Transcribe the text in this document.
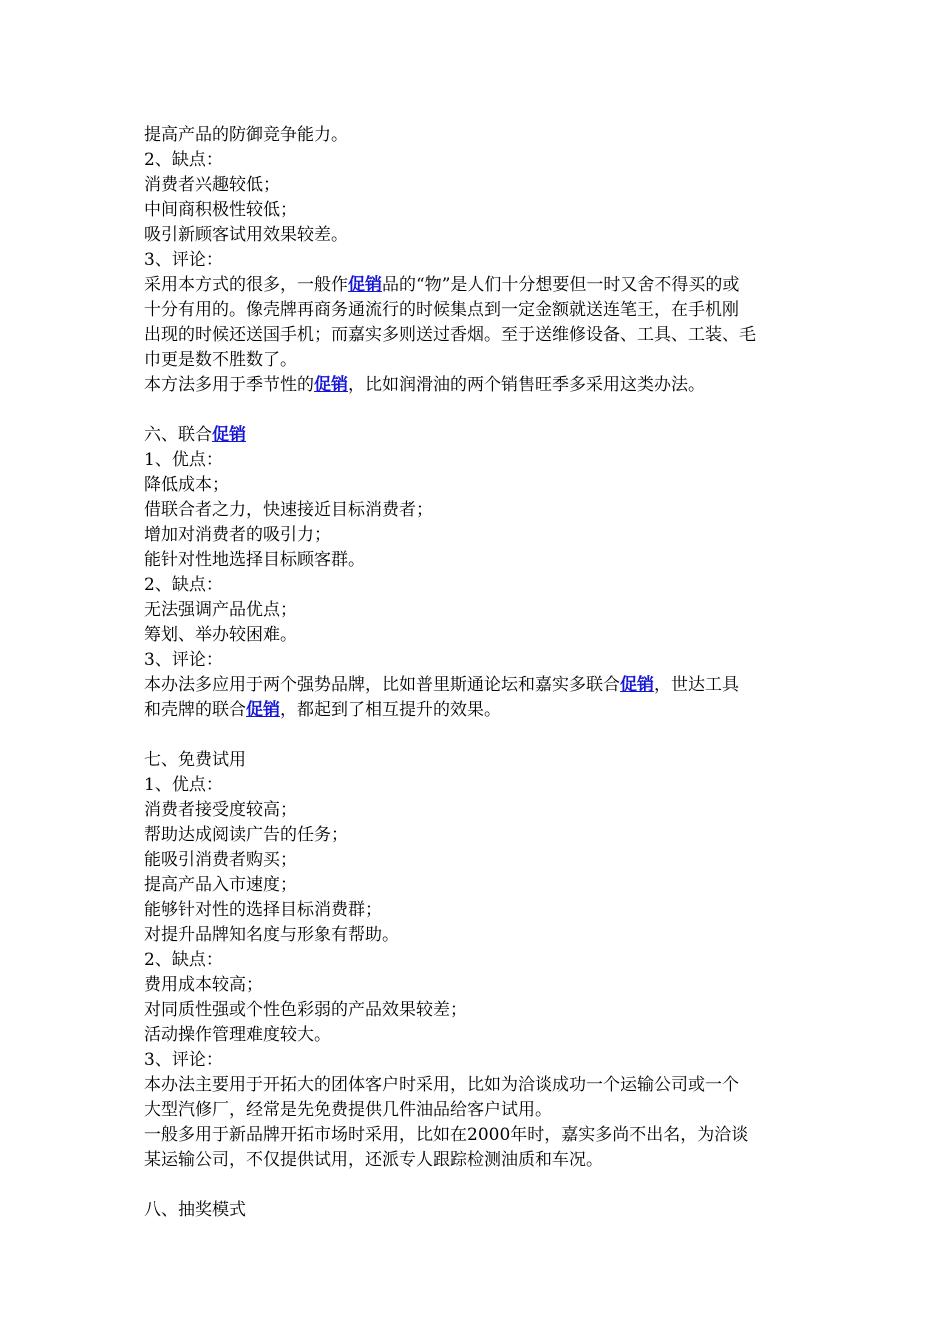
提高产品的防御竞争能力。
2、缺点：
消费者兴趣较低；
中间商积极性较低；
吸引新顾客试用效果较差。
3、评论：
采用本方式的很多，一般作促销品的“物”是人们十分想要但一时又舍不得买的或
十分有用的。像壳牌再商务通流行的时候集点到一定金额就送连笔王，在手机刚
出现的时候还送国手机；而嘉实多则送过香烟。至于送维修设备、工具、工装、毛
巾更是数不胜数了。
本方法多用于季节性的促销，比如润滑油的两个销售旺季多采用这类办法。
六、联合促销
1、优点：
降低成本；
借联合者之力，快速接近目标消费者；
增加对消费者的吸引力；
能针对性地选择目标顾客群。
2、缺点：
无法强调产品优点；
筹划、举办较困难。
3、评论：
本办法多应用于两个强势品牌，比如普里斯通论坛和嘉实多联合促销，世达工具
和壳牌的联合促销，都起到了相互提升的效果。
七、免费试用
1、优点：
消费者接受度较高；
帮助达成阅读广告的任务；
能吸引消费者购买；
提高产品入市速度；
能够针对性的选择目标消费群；
对提升品牌知名度与形象有帮助。
2、缺点：
费用成本较高；
对同质性强或个性色彩弱的产品效果较差；
活动操作管理难度较大。
3、评论：
本办法主要用于开拓大的团体客户时采用，比如为洽谈成功一个运输公司或一个
大型汽修厂，经常是先免费提供几件油品给客户试用。
一般多用于新品牌开拓市场时采用，比如在2000年时，嘉实多尚不出名，为洽谈
某运输公司，不仅提供试用，还派专人跟踪检测油质和车况。
八、抽奖模式
